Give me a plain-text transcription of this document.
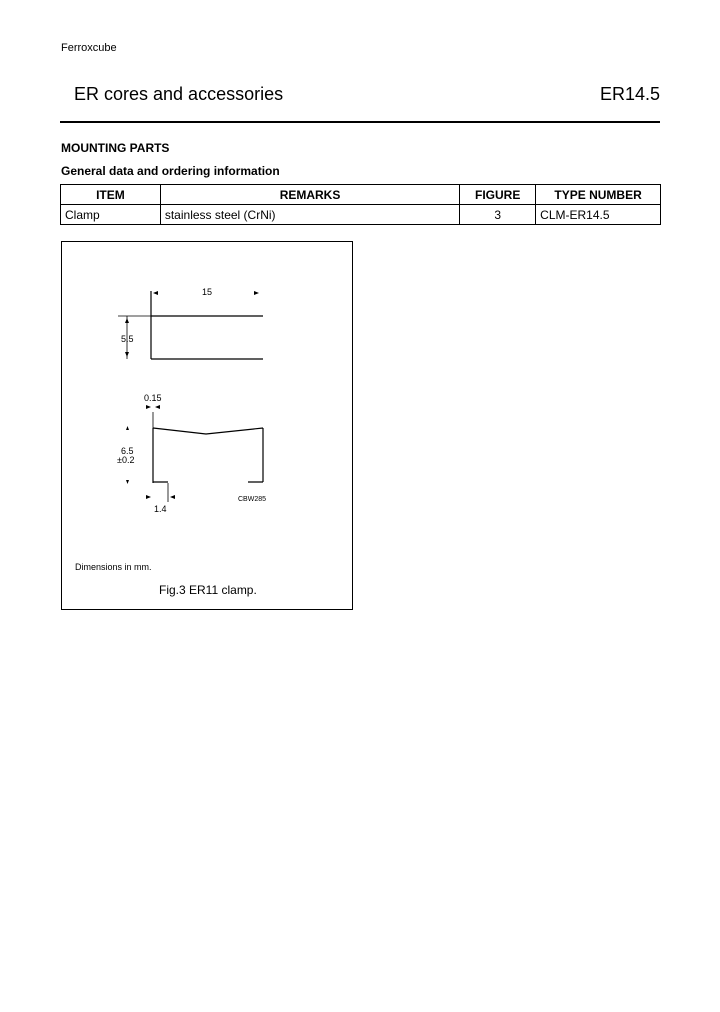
Ferroxcube
ER cores and accessories	ER14.5
MOUNTING PARTS
General data and ordering information
ITEM	REMARKS	FIGURE	TYPE NUMBER
Clamp	stainless steel (CrNi)	3	CLM-ER14.5
15
5.5
0.15
6.5
±0.2
1.4
CBW285
Dimensions in mm.
Fig.3 ER11 clamp.
